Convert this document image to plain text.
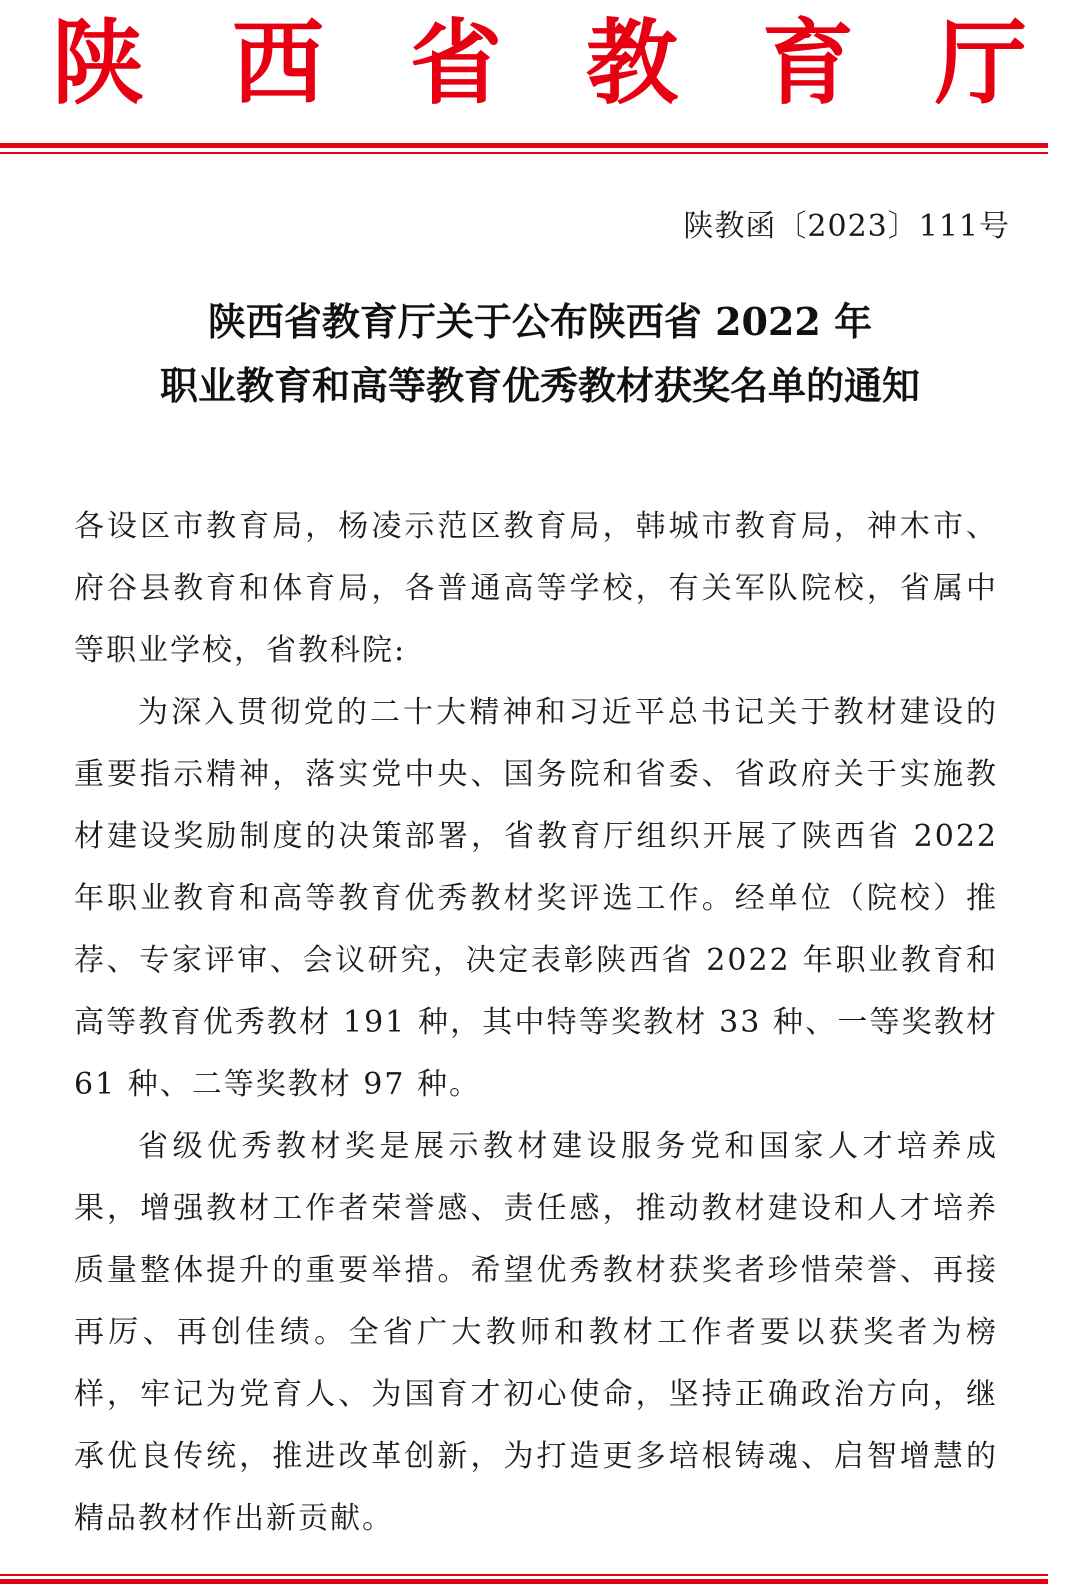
陕 西 省 教 育 厅
陕教函〔2023〕111号
陕西省教育厅关于公布陕西省 2022 年
职业教育和高等教育优秀教材获奖名单的通知

各设区市教育局，杨凌示范区教育局，韩城市教育局，神木市、府谷县教育和体育局，各普通高等学校，有关军队院校，省属中等职业学校，省教科院:

为深入贯彻党的二十大精神和习近平总书记关于教材建设的重要指示精神，落实党中央、国务院和省委、省政府关于实施教材建设奖励制度的决策部署，省教育厅组织开展了陕西省 2022 年职业教育和高等教育优秀教材奖评选工作。经单位（院校）推荐、专家评审、会议研究，决定表彰陕西省 2022 年职业教育和高等教育优秀教材 191 种，其中特等奖教材 33 种、一等奖教材 61 种、二等奖教材 97 种。

省级优秀教材奖是展示教材建设服务党和国家人才培养成果，增强教材工作者荣誉感、责任感，推动教材建设和人才培养质量整体提升的重要举措。希望优秀教材获奖者珍惜荣誉、再接再厉、再创佳绩。全省广大教师和教材工作者要以获奖者为榜样，牢记为党育人、为国育才初心使命，坚持正确政治方向，继承优良传统，推进改革创新，为打造更多培根铸魂、启智增慧的精品教材作出新贡献。
